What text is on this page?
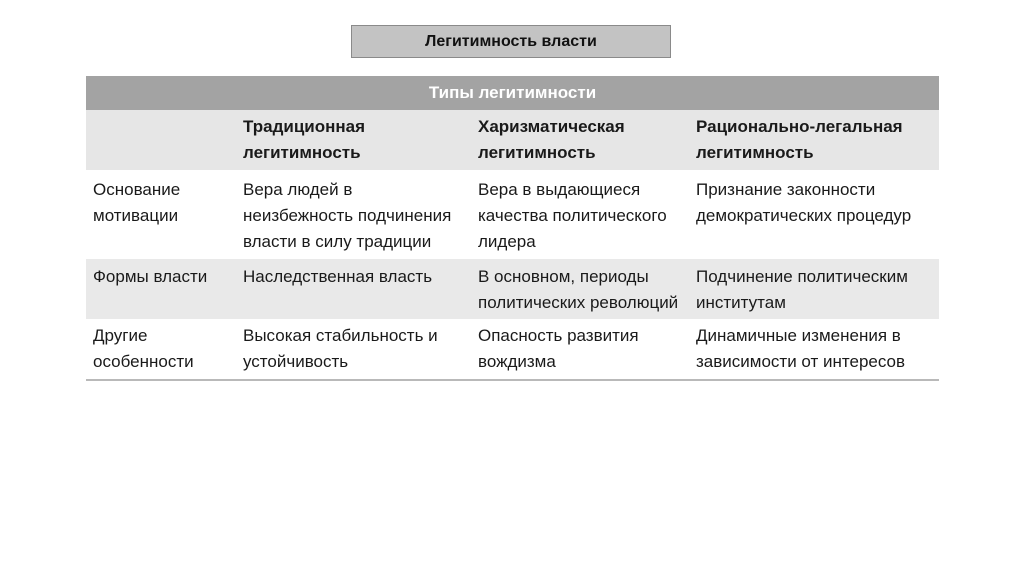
Легитимность власти
Типы легитимности			
	Традиционная легитимность	Харизматическая легитимность	Рационально-легальная легитимность
Основание мотивации	Вера людей в неизбежность подчинения власти в силу традиции	Вера в выдающиеся качества политического лидера	Признание законности демократических процедур
Формы власти	Наследственная власть	В основном, периоды политических революций	Подчинение политическим институтам
Другие особенности	Высокая стабильность и устойчивость	Опасность развития вождизма	Динамичные изменения в зависимости от интересов
